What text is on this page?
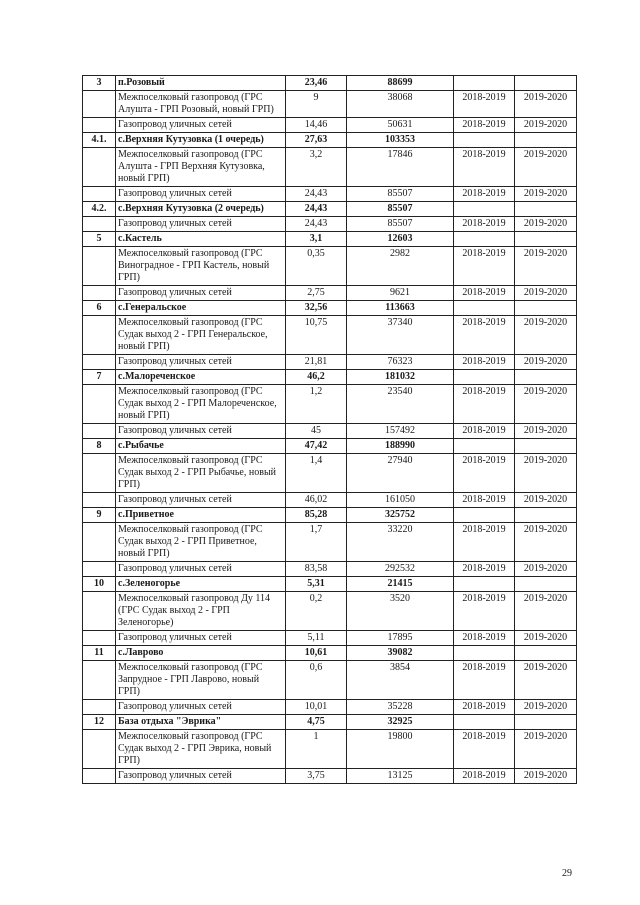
3	п.Розовый	23,46	88699		
	Межпоселковый газопровод (ГРС Алушта - ГРП Розовый, новый ГРП)	9	38068	2018-2019	2019-2020
	Газопровод уличных сетей	14,46	50631	2018-2019	2019-2020
4.1.	с.Верхняя Кутузовка (1 очередь)	27,63	103353		
	Межпоселковый газопровод (ГРС Алушта - ГРП Верхняя Кутузовка, новый ГРП)	3,2	17846	2018-2019	2019-2020
	Газопровод уличных сетей	24,43	85507	2018-2019	2019-2020
4.2.	с.Верхняя Кутузовка (2 очередь)	24,43	85507		
	Газопровод уличных сетей	24,43	85507	2018-2019	2019-2020
5	с.Кастель	3,1	12603		
	Межпоселковый газопровод (ГРС Виноградное - ГРП Кастель, новый ГРП)	0,35	2982	2018-2019	2019-2020
	Газопровод уличных сетей	2,75	9621	2018-2019	2019-2020
6	с.Генеральское	32,56	113663		
	Межпоселковый газопровод (ГРС Судак выход 2 - ГРП Генеральское, новый ГРП)	10,75	37340	2018-2019	2019-2020
	Газопровод уличных сетей	21,81	76323	2018-2019	2019-2020
7	с.Малореченское	46,2	181032		
	Межпоселковый газопровод (ГРС Судак выход 2 - ГРП Малореченское, новый ГРП)	1,2	23540	2018-2019	2019-2020
	Газопровод уличных сетей	45	157492	2018-2019	2019-2020
8	с.Рыбачье	47,42	188990		
	Межпоселковый газопровод (ГРС Судак выход 2 - ГРП Рыбачье, новый ГРП)	1,4	27940	2018-2019	2019-2020
	Газопровод уличных сетей	46,02	161050	2018-2019	2019-2020
9	с.Приветное	85,28	325752		
	Межпоселковый газопровод (ГРС Судак выход 2 - ГРП Приветное, новый ГРП)	1,7	33220	2018-2019	2019-2020
	Газопровод уличных сетей	83,58	292532	2018-2019	2019-2020
10	с.Зеленогорье	5,31	21415		
	Межпоселковый газопровод Ду 114 (ГРС Судак выход 2 - ГРП Зеленогорье)	0,2	3520	2018-2019	2019-2020
	Газопровод уличных сетей	5,11	17895	2018-2019	2019-2020
11	с.Лаврово	10,61	39082		
	Межпоселковый газопровод (ГРС Запрудное - ГРП Лаврово, новый ГРП)	0,6	3854	2018-2019	2019-2020
	Газопровод уличных сетей	10,01	35228	2018-2019	2019-2020
12	База отдыха "Эврика"	4,75	32925		
	Межпоселковый газопровод (ГРС Судак выход 2 - ГРП Эврика, новый ГРП)	1	19800	2018-2019	2019-2020
	Газопровод уличных сетей	3,75	13125	2018-2019	2019-2020
29
